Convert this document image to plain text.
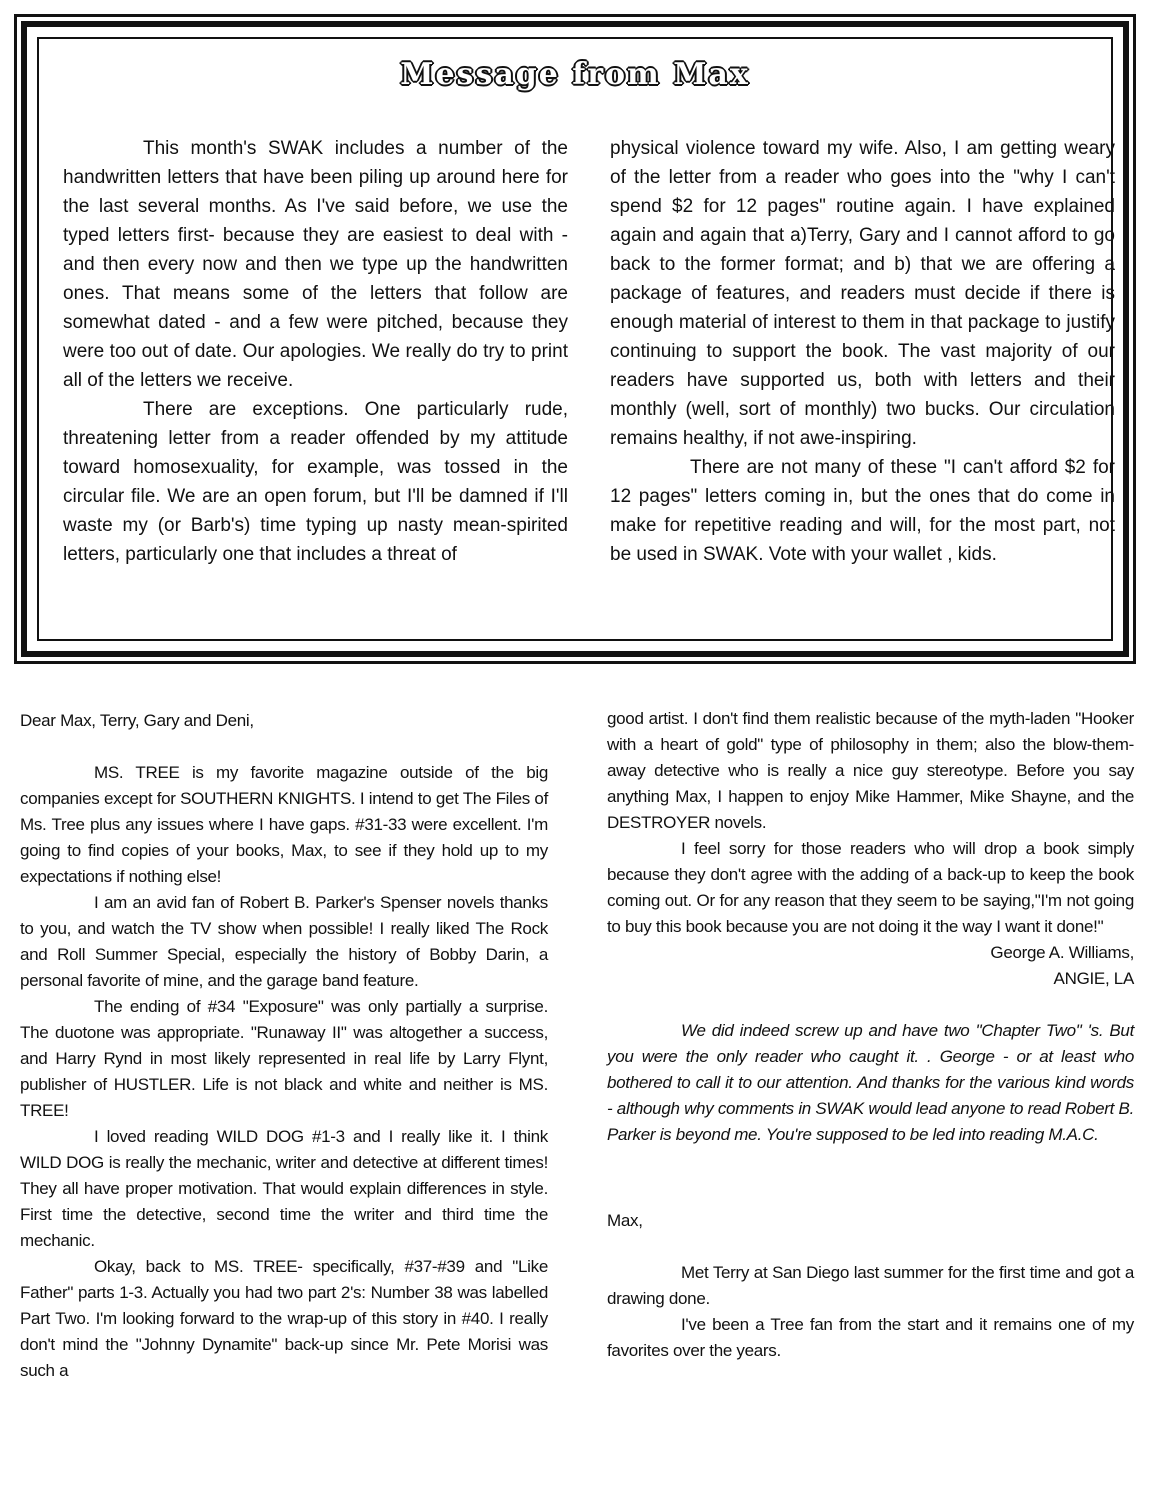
Message from Max

This month's SWAK includes a number of the handwritten letters that have been piling up around here for the last several months. As I've said before, we use the typed letters first- because they are easiest to deal with - and then every now and then we type up the handwritten ones. That means some of the letters that follow are somewhat dated - and a few were pitched, because they were too out of date. Our apologies. We really do try to print all of the letters we receive.

There are exceptions. One particularly rude, threatening letter from a reader offended by my attitude toward homosexuality, for example, was tossed in the circular file. We are an open forum, but I'll be damned if I'll waste my (or Barb's) time typing up nasty mean-spirited letters, particularly one that includes a threat of

physical violence toward my wife. Also, I am getting weary of the letter from a reader who goes into the "why I can't spend $2 for 12 pages" routine again. I have explained again and again that a)Terry, Gary and I cannot afford to go back to the former format; and b) that we are offering a package of features, and readers must decide if there is enough material of interest to them in that package to justify continuing to support the book. The vast majority of our readers have supported us, both with letters and their monthly (well, sort of monthly) two bucks. Our circulation remains healthy, if not awe-inspiring.

There are not many of these "I can't afford $2 for 12 pages" letters coming in, but the ones that do come in make for repetitive reading and will, for the most part, not be used in SWAK. Vote with your wallet , kids.

Dear Max, Terry, Gary and Deni,

MS. TREE is my favorite magazine outside of the big companies except for SOUTHERN KNIGHTS. I intend to get The Files of Ms. Tree plus any issues where I have gaps. #31-33 were excellent. I'm going to find copies of your books, Max, to see if they hold up to my expectations if nothing else!

I am an avid fan of Robert B. Parker's Spenser novels thanks to you, and watch the TV show when possible! I really liked The Rock and Roll Summer Special, especially the history of Bobby Darin, a personal favorite of mine, and the garage band feature.

The ending of #34 "Exposure" was only partially a surprise. The duotone was appropriate. "Runaway II" was altogether a success, and Harry Rynd in most likely represented in real life by Larry Flynt, publisher of HUSTLER. Life is not black and white and neither is MS. TREE!

I loved reading WILD DOG #1-3 and I really like it. I think WILD DOG is really the mechanic, writer and detective at different times! They all have proper motivation. That would explain differences in style. First time the detective, second time the writer and third time the mechanic.

Okay, back to MS. TREE- specifically, #37-#39 and "Like Father" parts 1-3. Actually you had two part 2's: Number 38 was labelled Part Two. I'm looking forward to the wrap-up of this story in #40. I really don't mind the "Johnny Dynamite" back-up since Mr. Pete Morisi was such a

good artist. I don't find them realistic because of the myth-laden "Hooker with a heart of gold" type of philosophy in them; also the blow-them-away detective who is really a nice guy stereotype. Before you say anything Max, I happen to enjoy Mike Hammer, Mike Shayne, and the DESTROYER novels.

I feel sorry for those readers who will drop a book simply because they don't agree with the adding of a back-up to keep the book coming out. Or for any reason that they seem to be saying,"I'm not going to buy this book because you are not doing it the way I want it done!"

George A. Williams,

ANGIE, LA

We did indeed screw up and have two "Chapter Two" 's. But you were the only reader who caught it. . George - or at least who bothered to call it to our attention. And thanks for the various kind words - although why comments in SWAK would lead anyone to read Robert B. Parker is beyond me. You're supposed to be led into reading M.A.C.

Max,

Met Terry at San Diego last summer for the first time and got a drawing done.

I've been a Tree fan from the start and it remains one of my favorites over the years.
